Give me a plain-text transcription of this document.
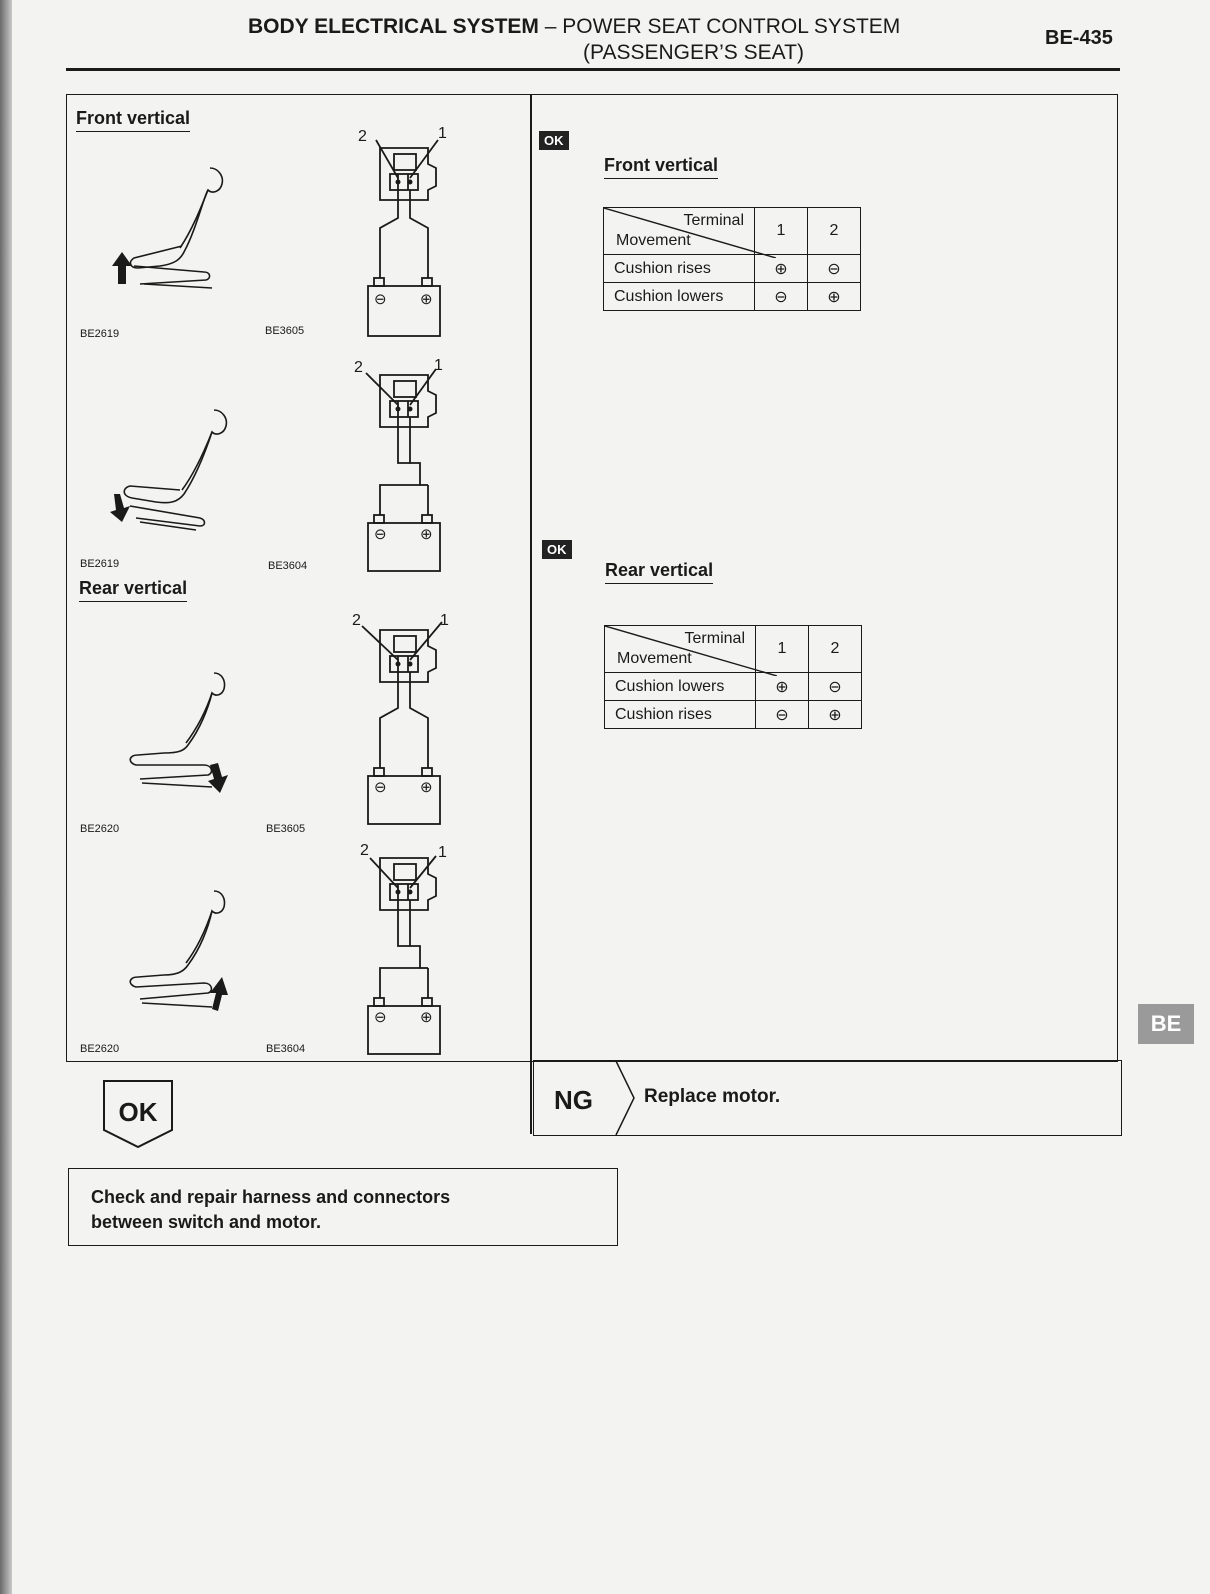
BODY ELECTRICAL SYSTEM – POWER SEAT CONTROL SYSTEM
(PASSENGER’S SEAT)
BE-435
Front vertical
Rear vertical
BE2619	BE3605
BE2619	BE3604
BE2620	BE3605
BE2620	BE3604
2	1
⊖ ⊕
2	1
⊖ ⊕
2	1
⊖ ⊕
2	1
⊖ ⊕
OK
Front vertical
Terminal
Movement	1	2
Cushion rises	⊕	⊖
Cushion lowers	⊖	⊕
OK
Rear vertical
Terminal
Movement	1	2
Cushion lowers	⊕	⊖
Cushion rises	⊖	⊕
NG	Replace motor.
OK
Check and repair harness and connectors
between switch and motor.
BE
